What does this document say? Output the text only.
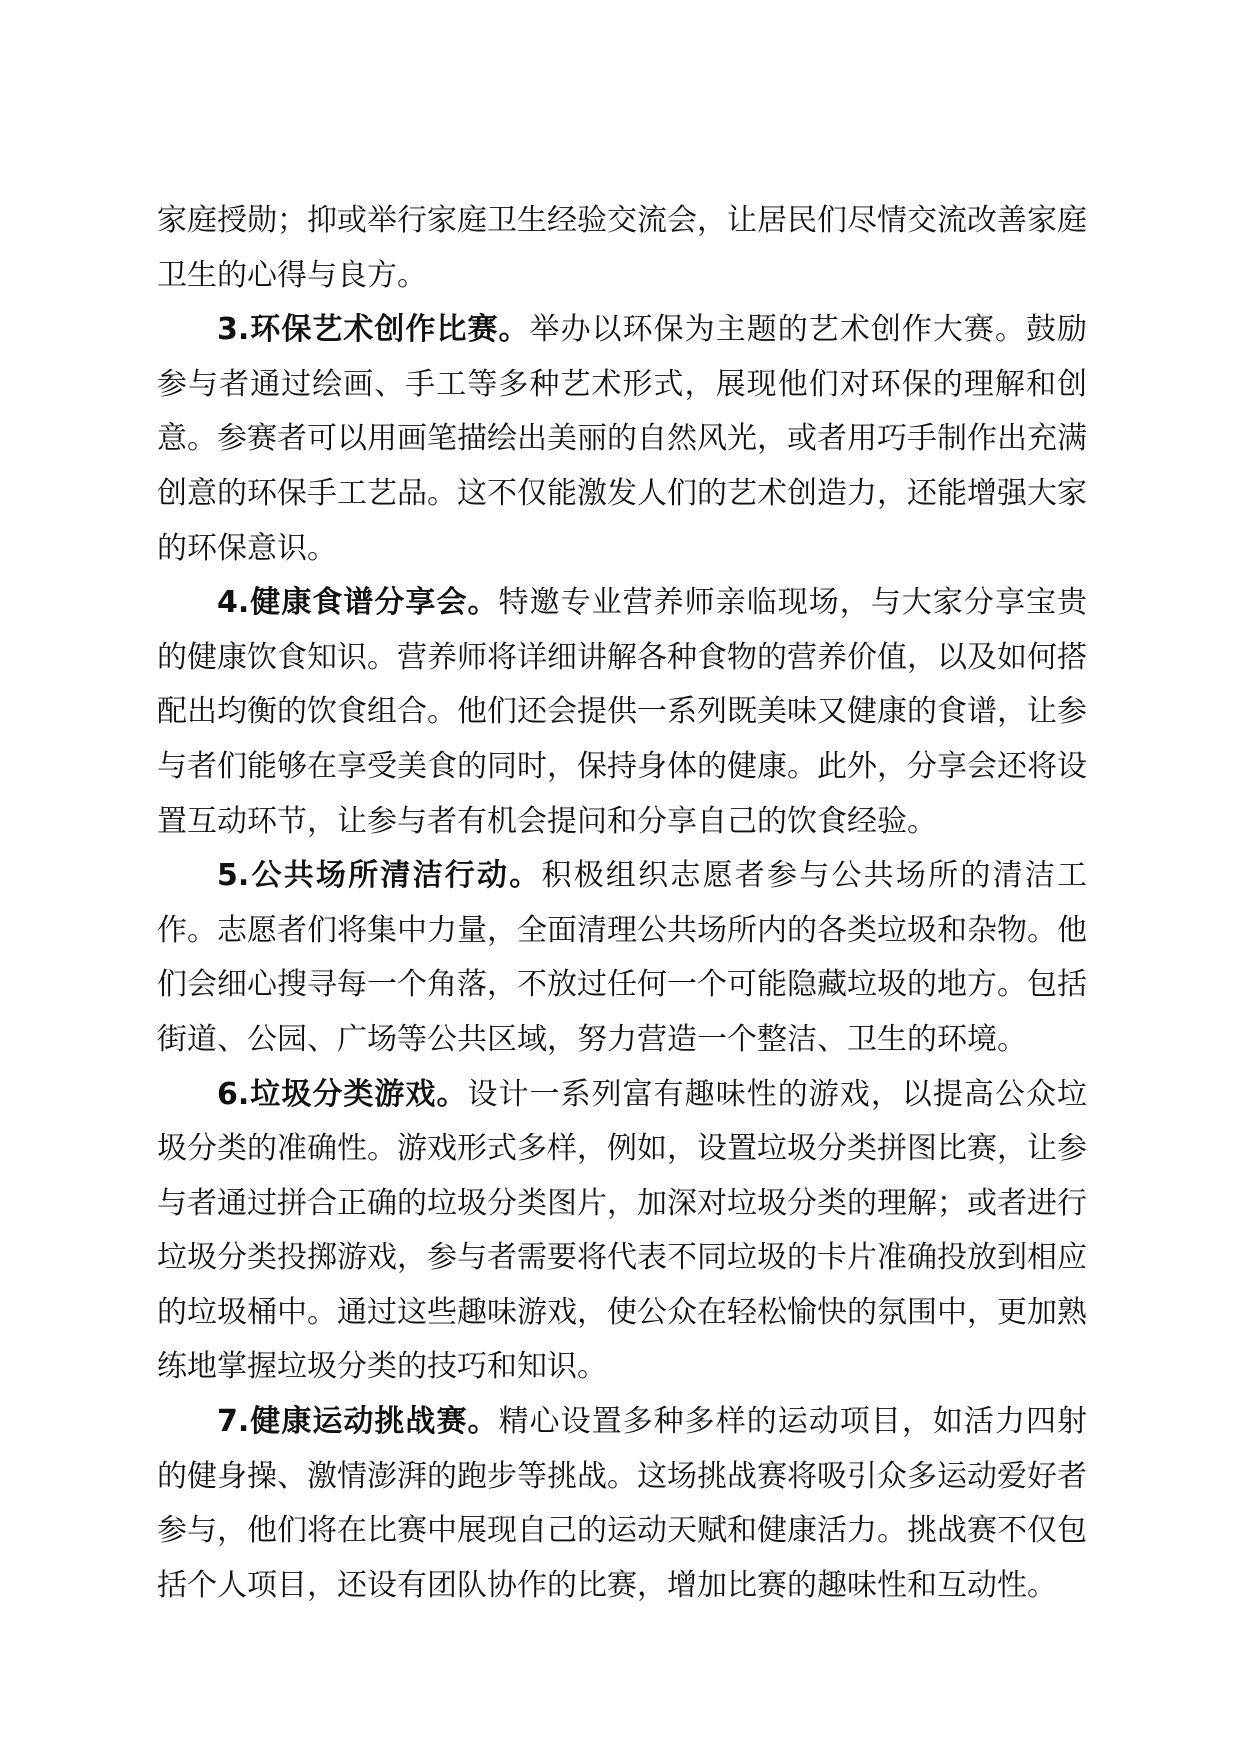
家庭授勋；抑或举行家庭卫生经验交流会，让居民们尽情交流改善家庭卫生的心得与良方。

3.环保艺术创作比赛。举办以环保为主题的艺术创作大赛。鼓励参与者通过绘画、手工等多种艺术形式，展现他们对环保的理解和创意。参赛者可以用画笔描绘出美丽的自然风光，或者用巧手制作出充满创意的环保手工艺品。这不仅能激发人们的艺术创造力，还能增强大家的环保意识。

4.健康食谱分享会。特邀专业营养师亲临现场，与大家分享宝贵的健康饮食知识。营养师将详细讲解各种食物的营养价值，以及如何搭配出均衡的饮食组合。他们还会提供一系列既美味又健康的食谱，让参与者们能够在享受美食的同时，保持身体的健康。此外，分享会还将设置互动环节，让参与者有机会提问和分享自己的饮食经验。

5.公共场所清洁行动。积极组织志愿者参与公共场所的清洁工作。志愿者们将集中力量，全面清理公共场所内的各类垃圾和杂物。他们会细心搜寻每一个角落，不放过任何一个可能隐藏垃圾的地方。包括街道、公园、广场等公共区域，努力营造一个整洁、卫生的环境。

6.垃圾分类游戏。设计一系列富有趣味性的游戏，以提高公众垃圾分类的准确性。游戏形式多样，例如，设置垃圾分类拼图比赛，让参与者通过拼合正确的垃圾分类图片，加深对垃圾分类的理解；或者进行垃圾分类投掷游戏，参与者需要将代表不同垃圾的卡片准确投放到相应的垃圾桶中。通过这些趣味游戏，使公众在轻松愉快的氛围中，更加熟练地掌握垃圾分类的技巧和知识。

7.健康运动挑战赛。精心设置多种多样的运动项目，如活力四射的健身操、激情澎湃的跑步等挑战。这场挑战赛将吸引众多运动爱好者参与，他们将在比赛中展现自己的运动天赋和健康活力。挑战赛不仅包括个人项目，还设有团队协作的比赛，增加比赛的趣味性和互动性。
